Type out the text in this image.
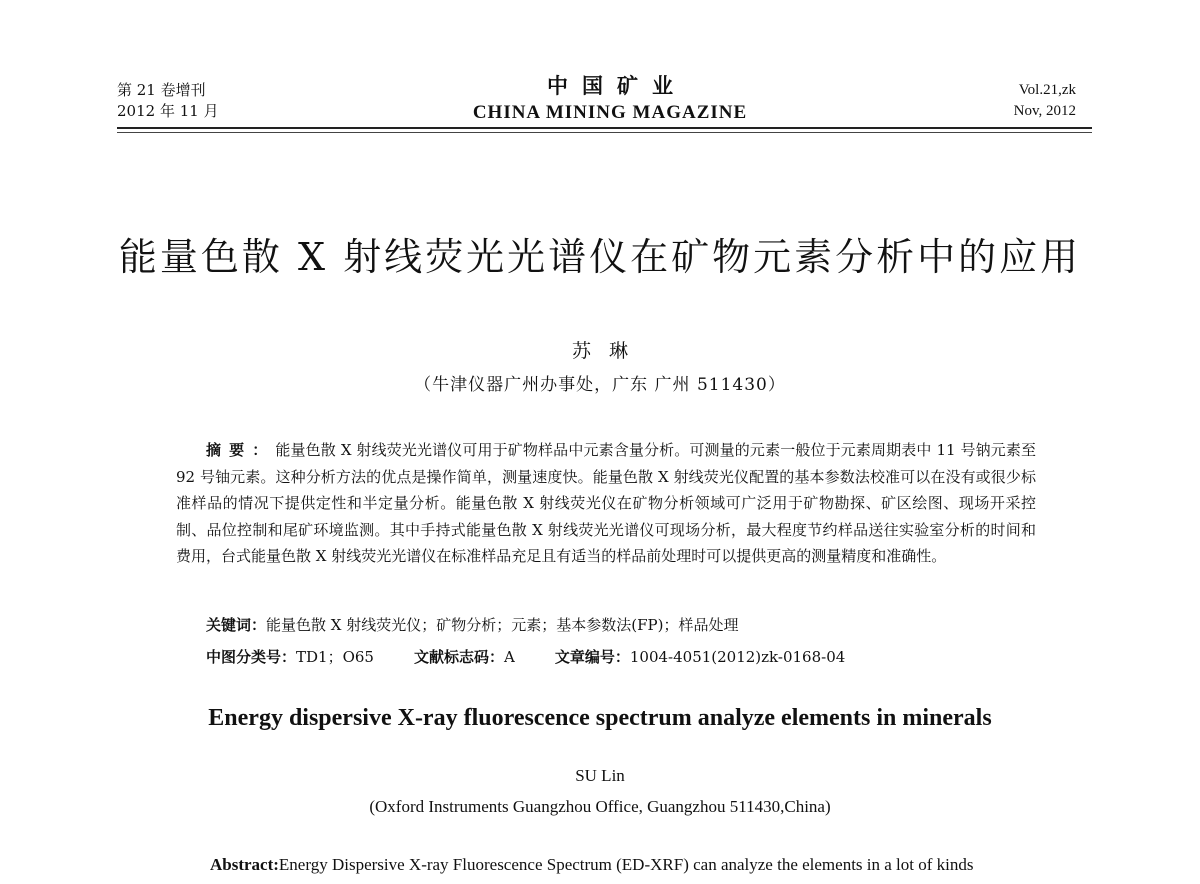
第 21 卷增刊
2012 年 11 月
中国矿业
CHINA MINING MAGAZINE
Vol.21,zk
Nov, 2012
能量色散 X 射线荧光光谱仪在矿物元素分析中的应用
苏琳
（牛津仪器广州办事处，广东 广州 511430）

摘要：能量色散 X 射线荧光光谱仪可用于矿物样品中元素含量分析。可测量的元素一般位于元素周期表中 11 号钠元素至 92 号铀元素。这种分析方法的优点是操作简单，测量速度快。能量色散 X 射线荧光仪配置的基本参数法校准可以在没有或很少标准样品的情况下提供定性和半定量分析。能量色散 X 射线荧光仪在矿物分析领域可广泛用于矿物勘探、矿区绘图、现场开采控制、品位控制和尾矿环境监测。其中手持式能量色散 X 射线荧光光谱仪可现场分析，最大程度节约样品送往实验室分析的时间和费用，台式能量色散 X 射线荧光光谱仪在标准样品充足且有适当的样品前处理时可以提供更高的测量精度和准确性。

关键词：能量色散 X 射线荧光仪；矿物分析；元素；基本参数法(FP)；样品处理
中图分类号：TD1；O65	文献标志码：A	文章编号：1004-4051(2012)zk-0168-04
Energy dispersive X-ray fluorescence spectrum analyze elements in minerals
SU Lin
(Oxford Instruments Guangzhou Office, Guangzhou 511430,China)
Abstract:Energy Dispersive X-ray Fluorescence Spectrum (ED-XRF) can analyze the elements in a lot of kinds
